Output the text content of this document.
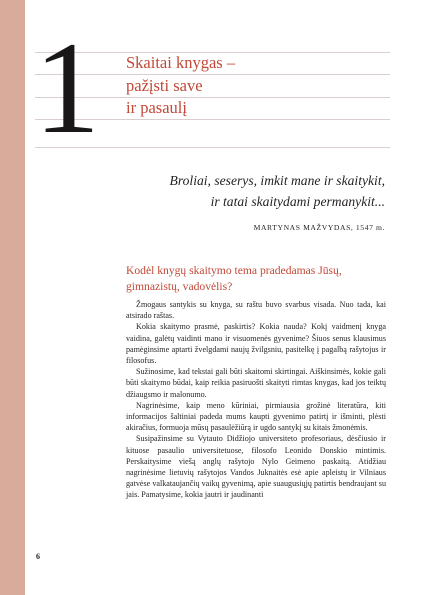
1 Skaitai knygas –
pažįsti save
ir pasaulį
Broliai, seserys, imkit mane ir skaitykit,
ir tatai skaitydami permanykit...
MARTYNAS MAŽVYDAS, 1547 m.
Kodėl knygų skaitymo tema pradedamas Jūsų,
gimnazistų, vadovėlis?

Žmogaus santykis su knyga, su raštu buvo svarbus visada. Nuo tada, kai atsirado raštas.

Kokia skaitymo prasmė, paskirtis? Kokia nauda? Kokį vaidmenį knyga vaidina, galėtų vaidinti mano ir visuomenės gyvenime? Šiuos senus klausimus pamėginsime aptarti žvelgdami naujų žvilgsniu, pasitelkę į pagalbą rašytojus ir filosofus.

Sužinosime, kad tekstai gali būti skaitomi skirtingai. Aiškinsimės, kokie gali būti skaitymo būdai, kaip reikia pasiruošti skaityti rimtas knygas, kad jos teiktų džiaugsmo ir malonumo.

Nagrinėsime, kaip meno kūriniai, pirmiausia grožinė literatūra, kiti informacijos šaltiniai padeda mums kaupti gyvenimo patirtį ir išminti, plėsti akiračius, formuoja mūsų pasaulėžiūrą ir ugdo santykį su kitais žmonėmis.

Susipažinsime su Vytauto Didžiojo universiteto profesoriaus, dėsčiusio ir kituose pasaulio universitetuose, filosofo Leonido Donskio mintimis. Perskaitysime viešą anglų rašytojo Nylo Geimeno paskaitą. Atidžiau nagrinėsime lietuvių rašytojos Vandos Juknaitės esė apie apleistų ir Vilniaus gatvėse valkataujančių vaikų gyvenimą, apie suaugusiųjų patirtis bendraujant su jais. Pamatysime, kokia jautri ir jaudinanti

6
